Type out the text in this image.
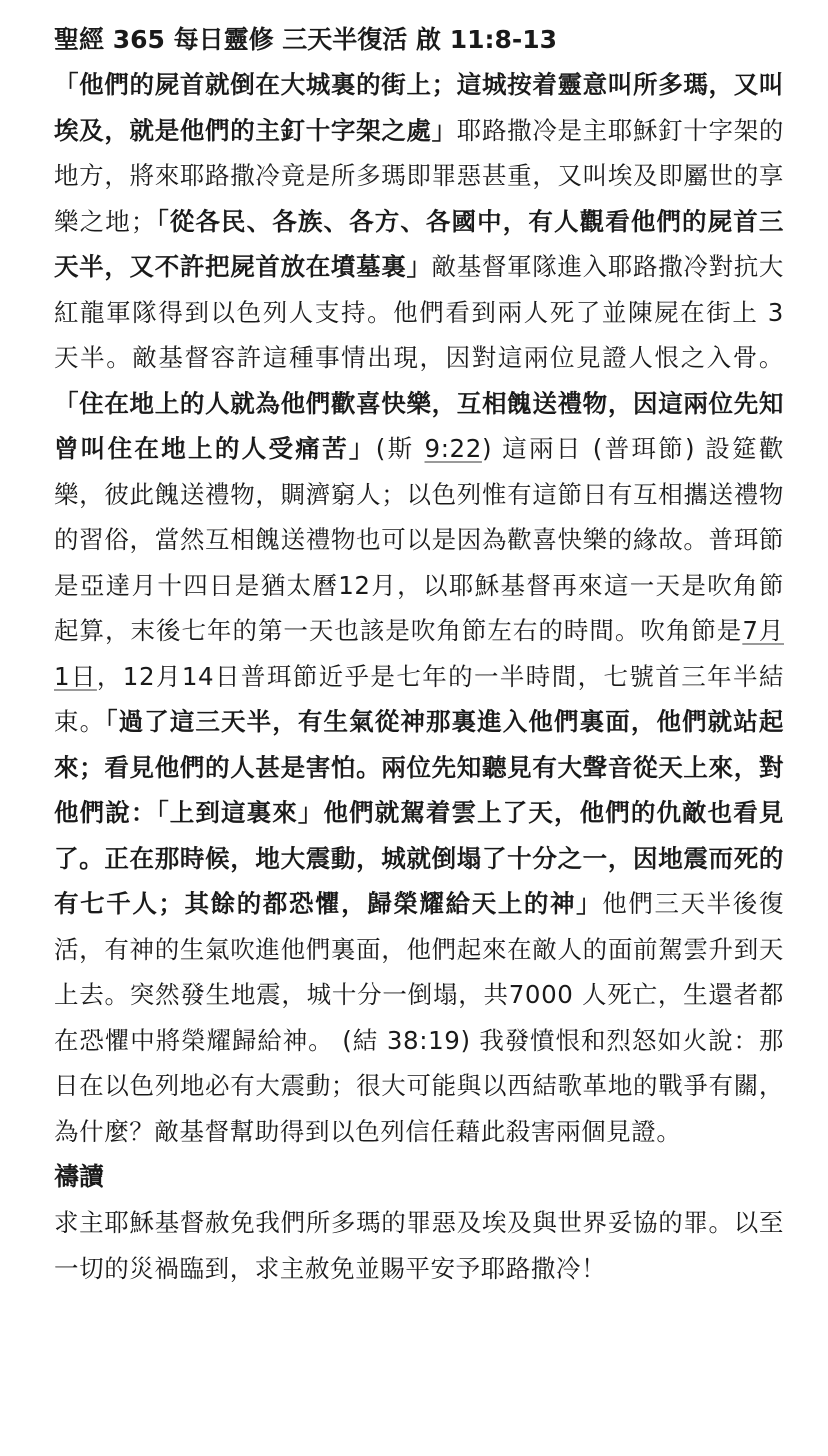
聖經 365 每日靈修 三天半復活 啟 11:8-13

「他們的屍首就倒在大城裏的街上；這城按着靈意叫所多瑪，又叫埃及，就是他們的主釘十字架之處」耶路撒冷是主耶穌釘十字架的地方，將來耶路撒冷竟是所多瑪即罪惡甚重，又叫埃及即屬世的享樂之地；「從各民、各族、各方、各國中，有人觀看他們的屍首三天半，又不許把屍首放在墳墓裏」敵基督軍隊進入耶路撒冷對抗大紅龍軍隊得到以色列人支持。他們看到兩人死了並陳屍在街上 3 天半。敵基督容許這種事情出現，因對這兩位見證人恨之入骨。「住在地上的人就為他們歡喜快樂，互相餽送禮物，因這兩位先知曾叫住在地上的人受痛苦」(斯 9:22) 這兩日 (普珥節) 設筵歡樂，彼此餽送禮物，賙濟窮人；以色列惟有這節日有互相攜送禮物的習俗，當然互相餽送禮物也可以是因為歡喜快樂的緣故。普珥節是亞達月十四日是猶太曆12月，以耶穌基督再來這一天是吹角節起算，末後七年的第一天也該是吹角節左右的時間。吹角節是7月1日，12月14日普珥節近乎是七年的一半時間，七號首三年半結束。「過了這三天半，有生氣從神那裏進入他們裏面，他們就站起來；看見他們的人甚是害怕。兩位先知聽見有大聲音從天上來，對他們說：「上到這裏來」他們就駕着雲上了天，他們的仇敵也看見了。正在那時候，地大震動，城就倒塌了十分之一，因地震而死的有七千人；其餘的都恐懼，歸榮耀給天上的神」他們三天半後復活，有神的生氣吹進他們裏面，他們起來在敵人的面前駕雲升到天上去。突然發生地震，城十分一倒塌，共7000 人死亡，生還者都在恐懼中將榮耀歸給神。 (結 38:19) 我發憤恨和烈怒如火說：那日在以色列地必有大震動；很大可能與以西結歌革地的戰爭有關，為什麼？敵基督幫助得到以色列信任藉此殺害兩個見證。

禱讀

求主耶穌基督赦免我們所多瑪的罪惡及埃及與世界妥協的罪。以至一切的災禍臨到，求主赦免並賜平安予耶路撒冷！
